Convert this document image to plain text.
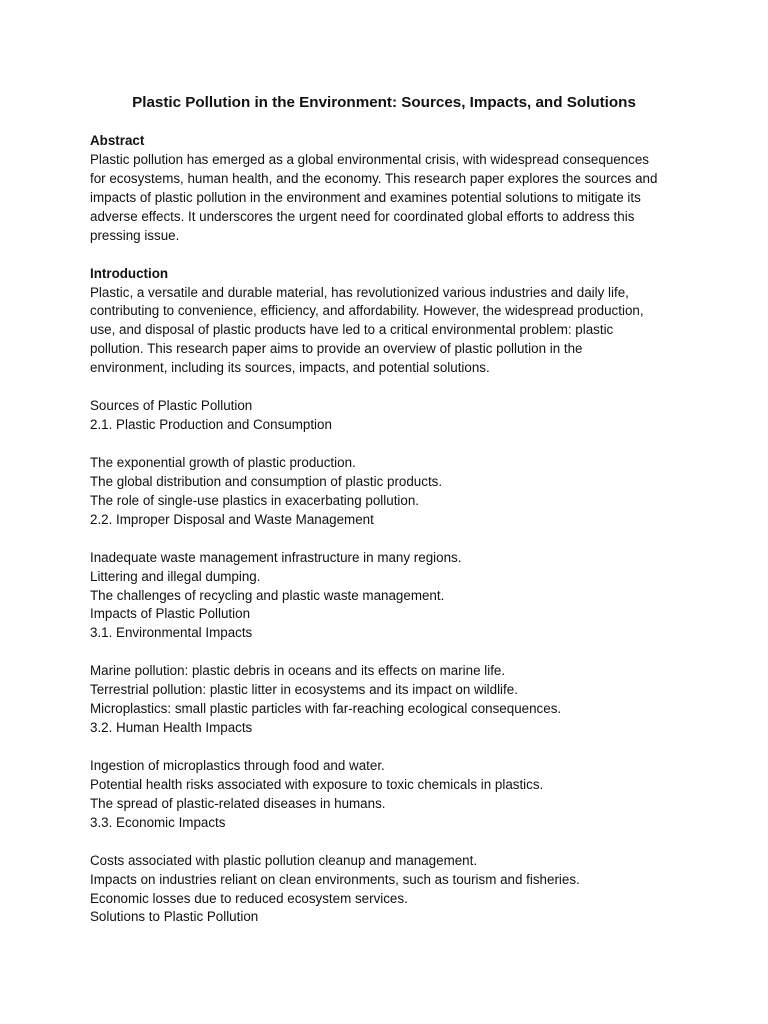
Plastic Pollution in the Environment: Sources, Impacts, and Solutions
Abstract
Plastic pollution has emerged as a global environmental crisis, with widespread consequences
for ecosystems, human health, and the economy. This research paper explores the sources and
impacts of plastic pollution in the environment and examines potential solutions to mitigate its
adverse effects. It underscores the urgent need for coordinated global efforts to address this
pressing issue.
Introduction
Plastic, a versatile and durable material, has revolutionized various industries and daily life,
contributing to convenience, efficiency, and affordability. However, the widespread production,
use, and disposal of plastic products have led to a critical environmental problem: plastic
pollution. This research paper aims to provide an overview of plastic pollution in the
environment, including its sources, impacts, and potential solutions.
Sources of Plastic Pollution
2.1. Plastic Production and Consumption
The exponential growth of plastic production.
The global distribution and consumption of plastic products.
The role of single-use plastics in exacerbating pollution.
2.2. Improper Disposal and Waste Management
Inadequate waste management infrastructure in many regions.
Littering and illegal dumping.
The challenges of recycling and plastic waste management.
Impacts of Plastic Pollution
3.1. Environmental Impacts
Marine pollution: plastic debris in oceans and its effects on marine life.
Terrestrial pollution: plastic litter in ecosystems and its impact on wildlife.
Microplastics: small plastic particles with far-reaching ecological consequences.
3.2. Human Health Impacts
Ingestion of microplastics through food and water.
Potential health risks associated with exposure to toxic chemicals in plastics.
The spread of plastic-related diseases in humans.
3.3. Economic Impacts
Costs associated with plastic pollution cleanup and management.
Impacts on industries reliant on clean environments, such as tourism and fisheries.
Economic losses due to reduced ecosystem services.
Solutions to Plastic Pollution
